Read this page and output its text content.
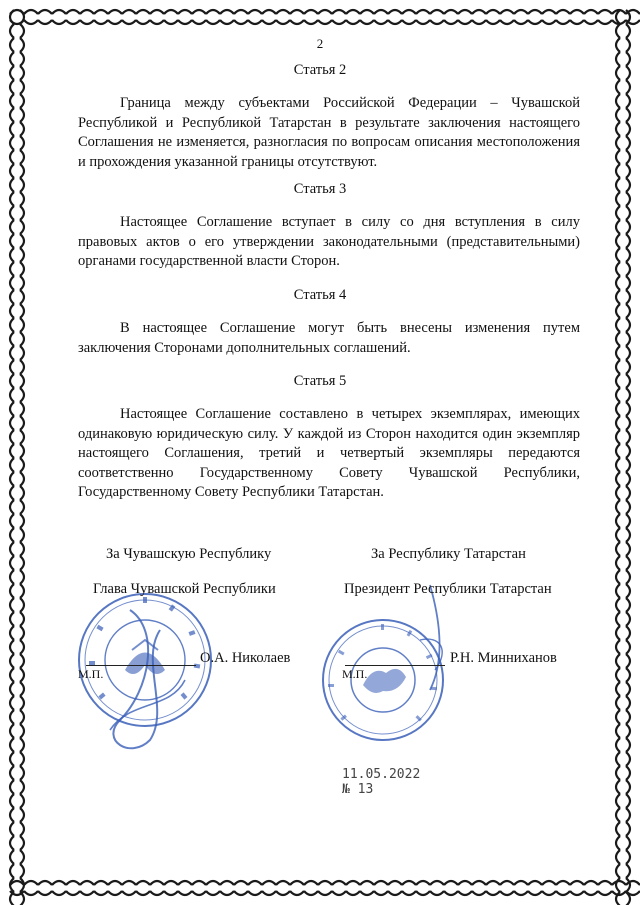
2
Статья 2
Граница между субъектами Российской Федерации – Чувашской Республикой и Республикой Татарстан в результате заключения настоящего Соглашения не изменяется, разногласия по вопросам описания местоположения и прохождения указанной границы отсутствуют.
Статья 3
Настоящее Соглашение вступает в силу со дня вступления в силу правовых актов о его утверждении законодательными (представительными) органами государственной власти Сторон.
Статья 4
В настоящее Соглашение могут быть внесены изменения путем заключения Сторонами дополнительных соглашений.
Статья 5
Настоящее Соглашение составлено в четырех экземплярах, имеющих одинаковую юридическую силу. У каждой из Сторон находится один экземпляр настоящего Соглашения, третий и четвертый экземпляры передаются соответственно Государственному Совету Чувашской Республики, Государственному Совету Республики Татарстан.
За Чувашскую Республику
Глава Чувашской Республики
О.А. Николаев
М.П.
За Республику Татарстан
Президент Республики Татарстан
Р.Н. Минниханов
М.П.
11.05.2022
№ 13
